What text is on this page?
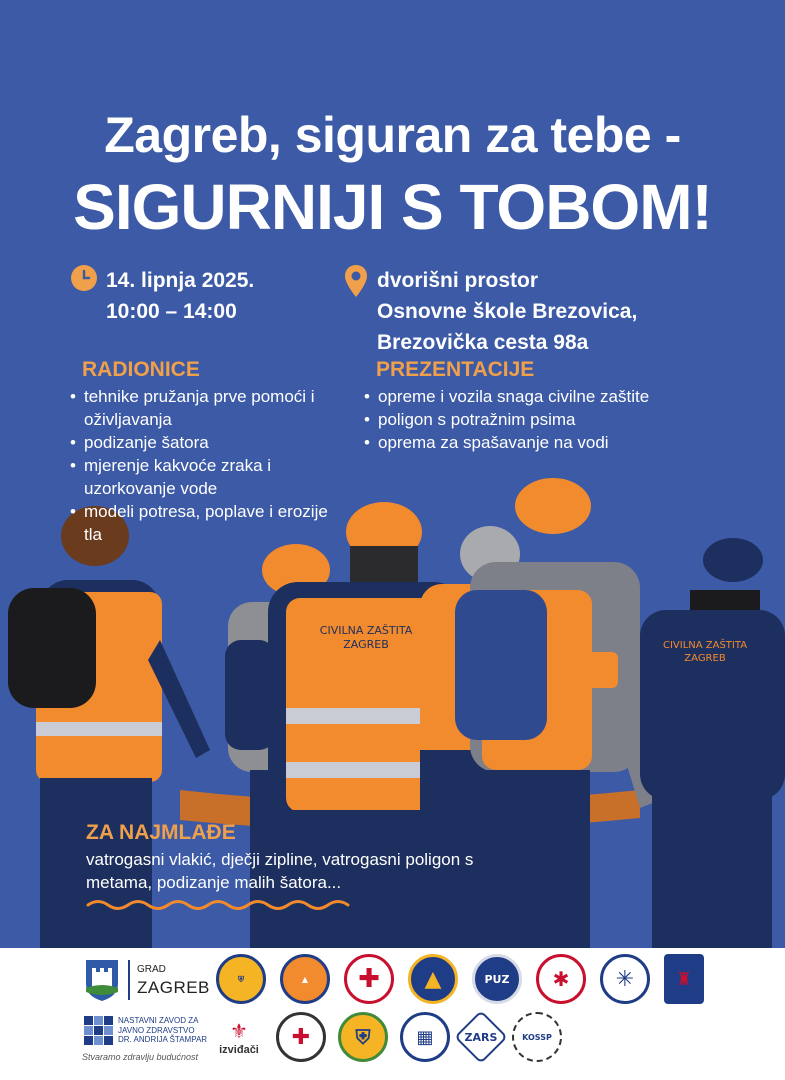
Zagreb, siguran za tebe -
SIGURNIJI S TOBOM!
14. lipnja 2025.
10:00 – 14:00
dvorišni prostor
Osnovne škole Brezovica,
Brezovička cesta 98a
CIVILNA ZAŠTITA
ZAGREB	CIVILNA ZAŠTITA
ZAGREB
RADIONICE
• tehnike pružanja prve pomoći i oživljavanja
• podizanje šatora
• mjerenje kakvoće zraka i uzorkovanje vode
• modeli potresa, poplave i erozije tla
PREZENTACIJE
• opreme i vozila snaga civilne zaštite
• poligon s potražnim psima
• oprema za spašavanje na vodi
ZA NAJMLAĐE
vatrogasni vlakić, dječji zipline, vatrogasni poligon s metama, podizanje malih šatora...
GRAD
ZAGREB	⛨	▲	✚	▲	PUZ	✱	✳	♜
⚜
izviđači	✚	⛨	▦	ZARS	KOSSP
NASTAVNI ZAVOD ZA
JAVNO ZDRAVSTVO
DR. ANDRIJA ŠTAMPAR
Stvaramo zdravlju budućnost
